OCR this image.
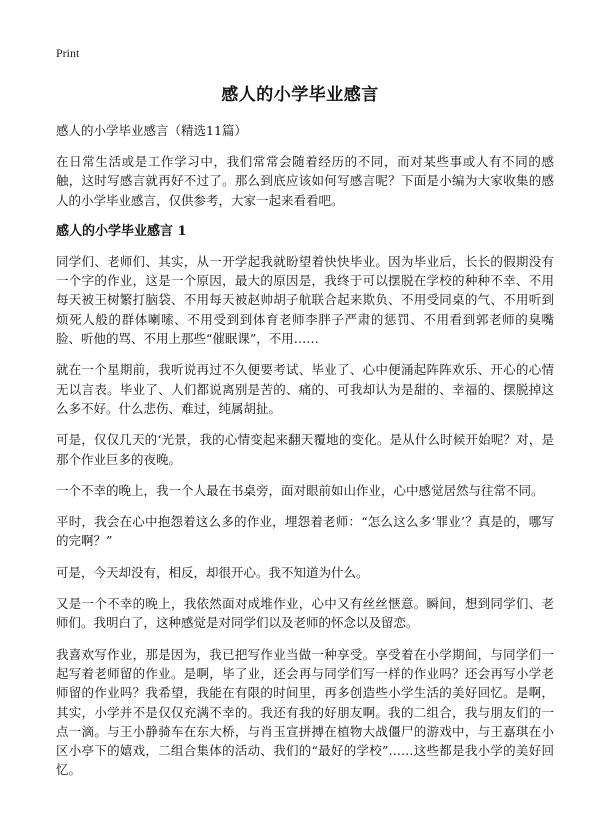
Print
感人的小学毕业感言

感人的小学毕业感言（精选11篇）

在日常生活或是工作学习中，我们常常会随着经历的不同，而对某些事或人有不同的感触，这时写感言就再好不过了。那么到底应该如何写感言呢？下面是小编为大家收集的感人的小学毕业感言，仅供参考，大家一起来看看吧。

感人的小学毕业感言 1

同学们、老师们、其实，从一开学起我就盼望着快快毕业。因为毕业后，长长的假期没有一个字的作业，这是一个原因，最大的原因是，我终于可以摆脱在学校的种种不幸、不用每天被王树繁打脑袋、不用每天被赵帅胡子航联合起来欺负、不用受同桌的气、不用听到烦死人般的群体喇嗦、不用受到到体育老师李胖子严肃的惩罚、不用看到郭老师的臭嘴脸、听他的骂、不用上那些“催眠课”，不用……

就在一个星期前，我听说再过不久便要考试、毕业了、心中便涌起阵阵欢乐、开心的心情无以言表。毕业了、人们都说离别是苦的、痛的、可我却认为是甜的、幸福的、摆脱掉这么多不好。什么悲伤、难过，纯属胡扯。

可是，仅仅几天的‘光景，我的心情变起来翻天覆地的变化。是从什么时候开始呢？对，是那个作业巨多的夜晚。

一个不幸的晚上，我一个人最在书桌旁，面对眼前如山作业，心中感觉居然与往常不同。

平时，我会在心中抱怨着这么多的作业，埋怨着老师：“怎么这么多‘罪业’？真是的，哪写的完啊？”

可是，今天却没有，相反，却很开心。我不知道为什么。

又是一个不幸的晚上，我依然面对成堆作业，心中又有丝丝惬意。瞬间，想到同学们、老师们。我明白了，这种感觉是对同学们以及老师的怀念以及留恋。

我喜欢写作业，那是因为，我已把写作业当做一种享受。享受着在小学期间，与同学们一起写着老师留的作业。是啊，毕了业，还会再与同学们写一样的作业吗？还会再写小学老师留的作业吗？我希望，我能在有限的时间里，再多创造些小学生活的美好回忆。是啊，其实，小学并不是仅仅充满不幸的。我还有我的好朋友啊。我的二组合，我与朋友们的一点一滴。与王小静骑车在东大桥，与肖玉宣拼搏在植物大战僵尸的游戏中，与王嘉琪在小区小亭下的嬉戏，二组合集体的活动、我们的“最好的学校”……这些都是我小学的美好回忆。
